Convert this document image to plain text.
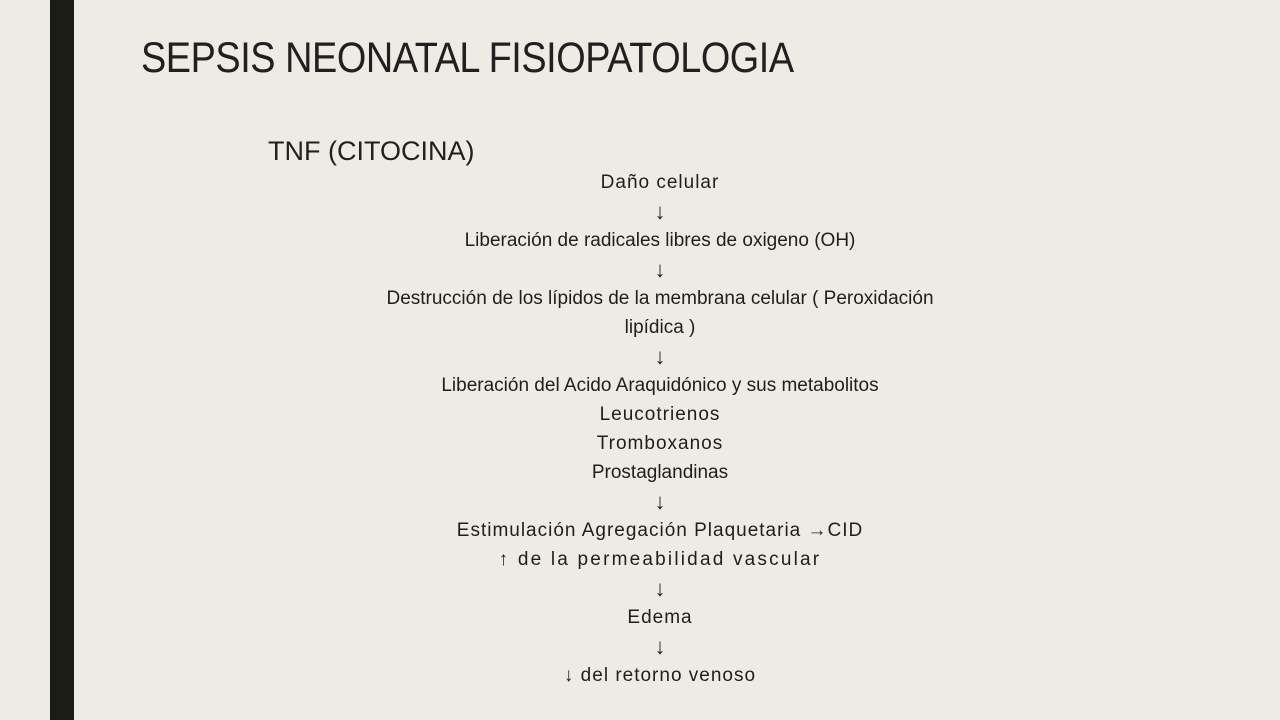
SEPSIS NEONATAL FISIOPATOLOGIA
TNF (CITOCINA)
Daño celular
↓
Liberación de radicales libres de oxigeno (OH)
↓
Destrucción de los lípidos de la membrana celular ( Peroxidación
lipídica )
↓
Liberación del Acido Araquidónico y sus metabolitos
Leucotrienos
Tromboxanos
Prostaglandinas
↓
Estimulación Agregación Plaquetaria →CID
↑ de la permeabilidad vascular
↓
Edema
↓
↓ del retorno venoso
